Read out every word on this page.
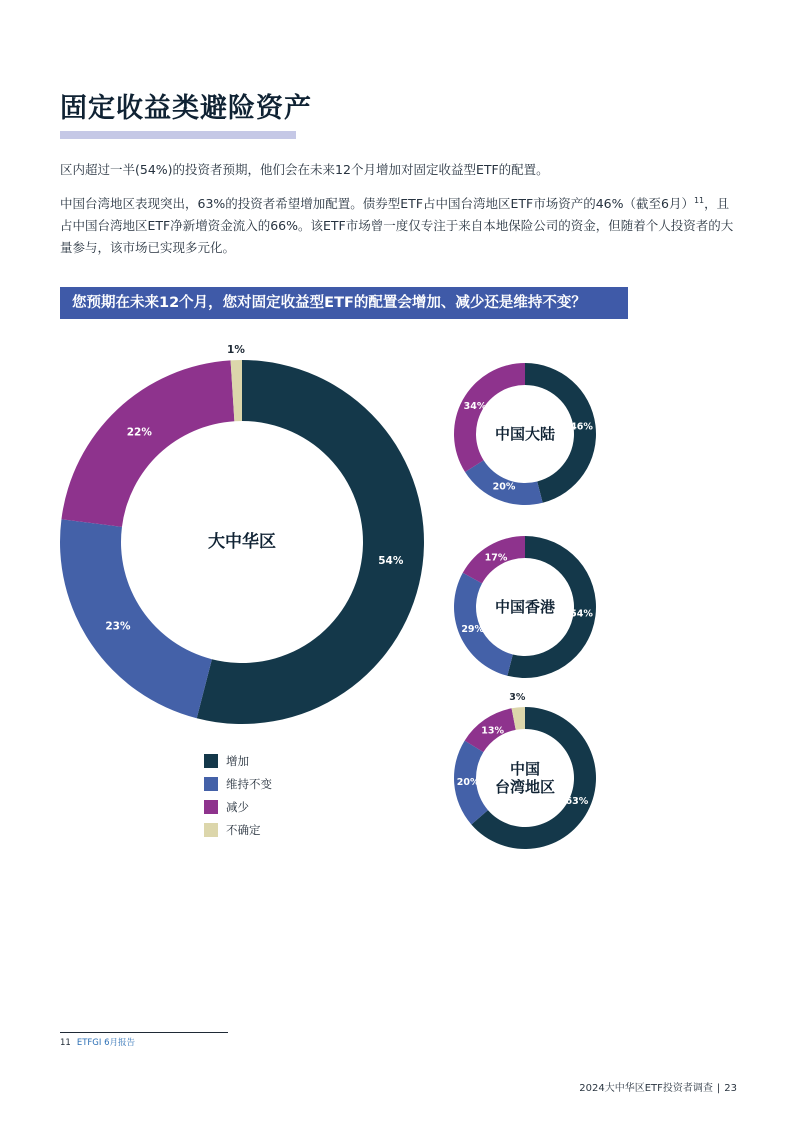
固定收益类避险资产

区内超过一半(54%)的投资者预期，他们会在未来12个月增加对固定收益型ETF的配置。

中国台湾地区表现突出，63%的投资者希望增加配置。债券型ETF占中国台湾地区ETF市场资产的46%（截至6月）$^{11}$，且占中国台湾地区ETF净新增资金流入的66%。该ETF市场曾一度仅专注于来自本地保险公司的资金，但随着个人投资者的大量参与，该市场已实现多元化。

您预期在未来12个月，您对固定收益型ETF的配置会增加、减少还是维持不变？
54%
23%
22%
1%
大中华区
46%
20%
34%
中国大陆
54%
29%
17%
中国香港
63%
20%
13%
3%
中国
台湾地区
增加
维持不变
减少
不确定
11 ETFGI 6月报告
2024大中华区ETF投资者调查 | 23
